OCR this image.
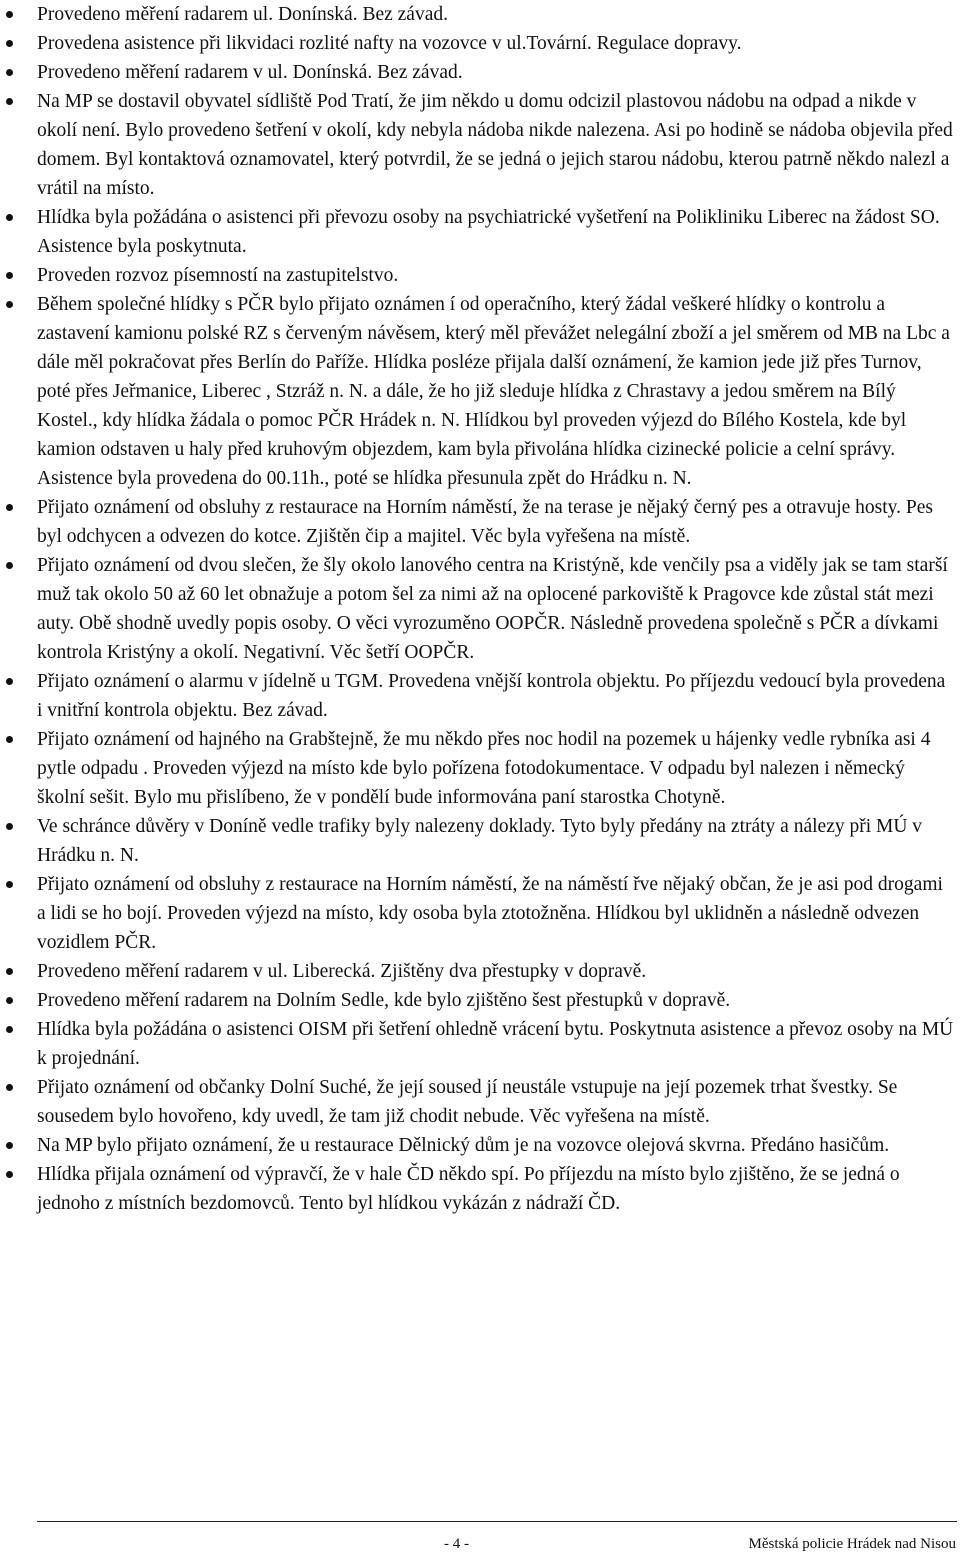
Provedeno měření radarem ul. Donínská. Bez závad.
Provedena asistence při likvidaci rozlité nafty na vozovce v ul.Tovární. Regulace dopravy.
Provedeno měření radarem v ul. Donínská. Bez závad.
Na MP se dostavil obyvatel sídliště Pod Tratí, že jim někdo u domu odcizil plastovou nádobu na odpad a nikde v okolí není. Bylo provedeno šetření v okolí, kdy nebyla nádoba nikde nalezena. Asi po hodině se nádoba objevila před domem. Byl kontaktová oznamovatel, který potvrdil, že se jedná o jejich starou nádobu, kterou patrně někdo nalezl a vrátil na místo.
Hlídka byla požádána o asistenci při převozu osoby na psychiatrické vyšetření na Polikliniku Liberec na žádost SO. Asistence byla poskytnuta.
Proveden rozvoz písemností na zastupitelstvo.
Během společné hlídky s PČR bylo přijato oznámen í od operačního, který žádal veškeré hlídky o kontrolu a zastavení kamionu polské RZ s červeným návěsem, který měl převážet nelegální zboží a jel směrem od MB na Lbc a dále měl pokračovat přes Berlín do Paříže. Hlídka posléze přijala další oznámení, že kamion jede již přes Turnov, poté přes Jeřmanice, Liberec , Stzráž n. N. a dále, že ho již sleduje hlídka z Chrastavy a jedou směrem na Bílý Kostel., kdy hlídka žádala o pomoc PČR Hrádek n. N. Hlídkou byl proveden výjezd do Bílého Kostela, kde byl kamion odstaven u haly před kruhovým objezdem, kam byla přivolána hlídka cizinecké policie a celní správy. Asistence byla provedena do 00.11h., poté se hlídka přesunula zpět do Hrádku n. N.
Přijato oznámení od obsluhy z restaurace na Horním náměstí, že na terase je nějaký černý pes a otravuje hosty. Pes byl odchycen a odvezen do kotce. Zjištěn čip a majitel. Věc byla vyřešena na místě.
Přijato oznámení od dvou slečen, že šly okolo lanového centra na Kristýně, kde venčily psa a viděly jak se tam starší muž tak okolo 50 až 60 let obnažuje a potom šel za nimi až na oplocené parkoviště k Pragovce kde zůstal stát mezi auty. Obě shodně uvedly popis osoby. O věci vyrozuměno OOPČR. Následně provedena společně s PČR a dívkami kontrola Kristýny a okolí. Negativní. Věc šetří OOPČR.
Přijato oznámení o alarmu v jídelně u TGM. Provedena vnější kontrola objektu. Po příjezdu vedoucí byla provedena i vnitřní kontrola objektu. Bez závad.
Přijato oznámení od hajného na Grabštejně, že mu někdo přes noc hodil na pozemek u hájenky vedle rybníka asi 4 pytle odpadu . Proveden výjezd na místo kde bylo pořízena fotodokumentace. V odpadu byl nalezen i německý školní sešit. Bylo mu přislíbeno, že v pondělí bude informována paní starostka Chotyně.
Ve schránce důvěry v Doníně vedle trafiky byly nalezeny doklady. Tyto byly předány na ztráty a nálezy při MÚ v Hrádku n. N.
Přijato oznámení od obsluhy z restaurace na Horním náměstí, že na náměstí řve nějaký občan, že je asi pod drogami a lidi se ho bojí. Proveden výjezd na místo, kdy osoba byla ztotožněna. Hlídkou byl uklidněn a následně odvezen vozidlem PČR.
Provedeno měření radarem v ul. Liberecká. Zjištěny dva přestupky v dopravě.
Provedeno měření radarem na Dolním Sedle, kde bylo zjištěno šest přestupků v dopravě.
Hlídka byla požádána o asistenci OISM při šetření ohledně vrácení bytu. Poskytnuta asistence a převoz osoby na MÚ k projednání.
Přijato oznámení od občanky Dolní Suché, že její soused jí neustále vstupuje na její pozemek trhat švestky. Se sousedem bylo hovořeno, kdy uvedl, že tam již chodit nebude. Věc vyřešena na místě.
Na MP bylo přijato oznámení, že u restaurace Dělnický dům je na vozovce olejová skvrna. Předáno hasičům.
Hlídka přijala oznámení od výpravčí, že v hale ČD někdo spí. Po příjezdu na místo bylo zjištěno, že se jedná o jednoho z místních bezdomovců. Tento byl hlídkou vykázán z nádraží ČD.
- 4 -	Městská policie Hrádek nad Nisou
